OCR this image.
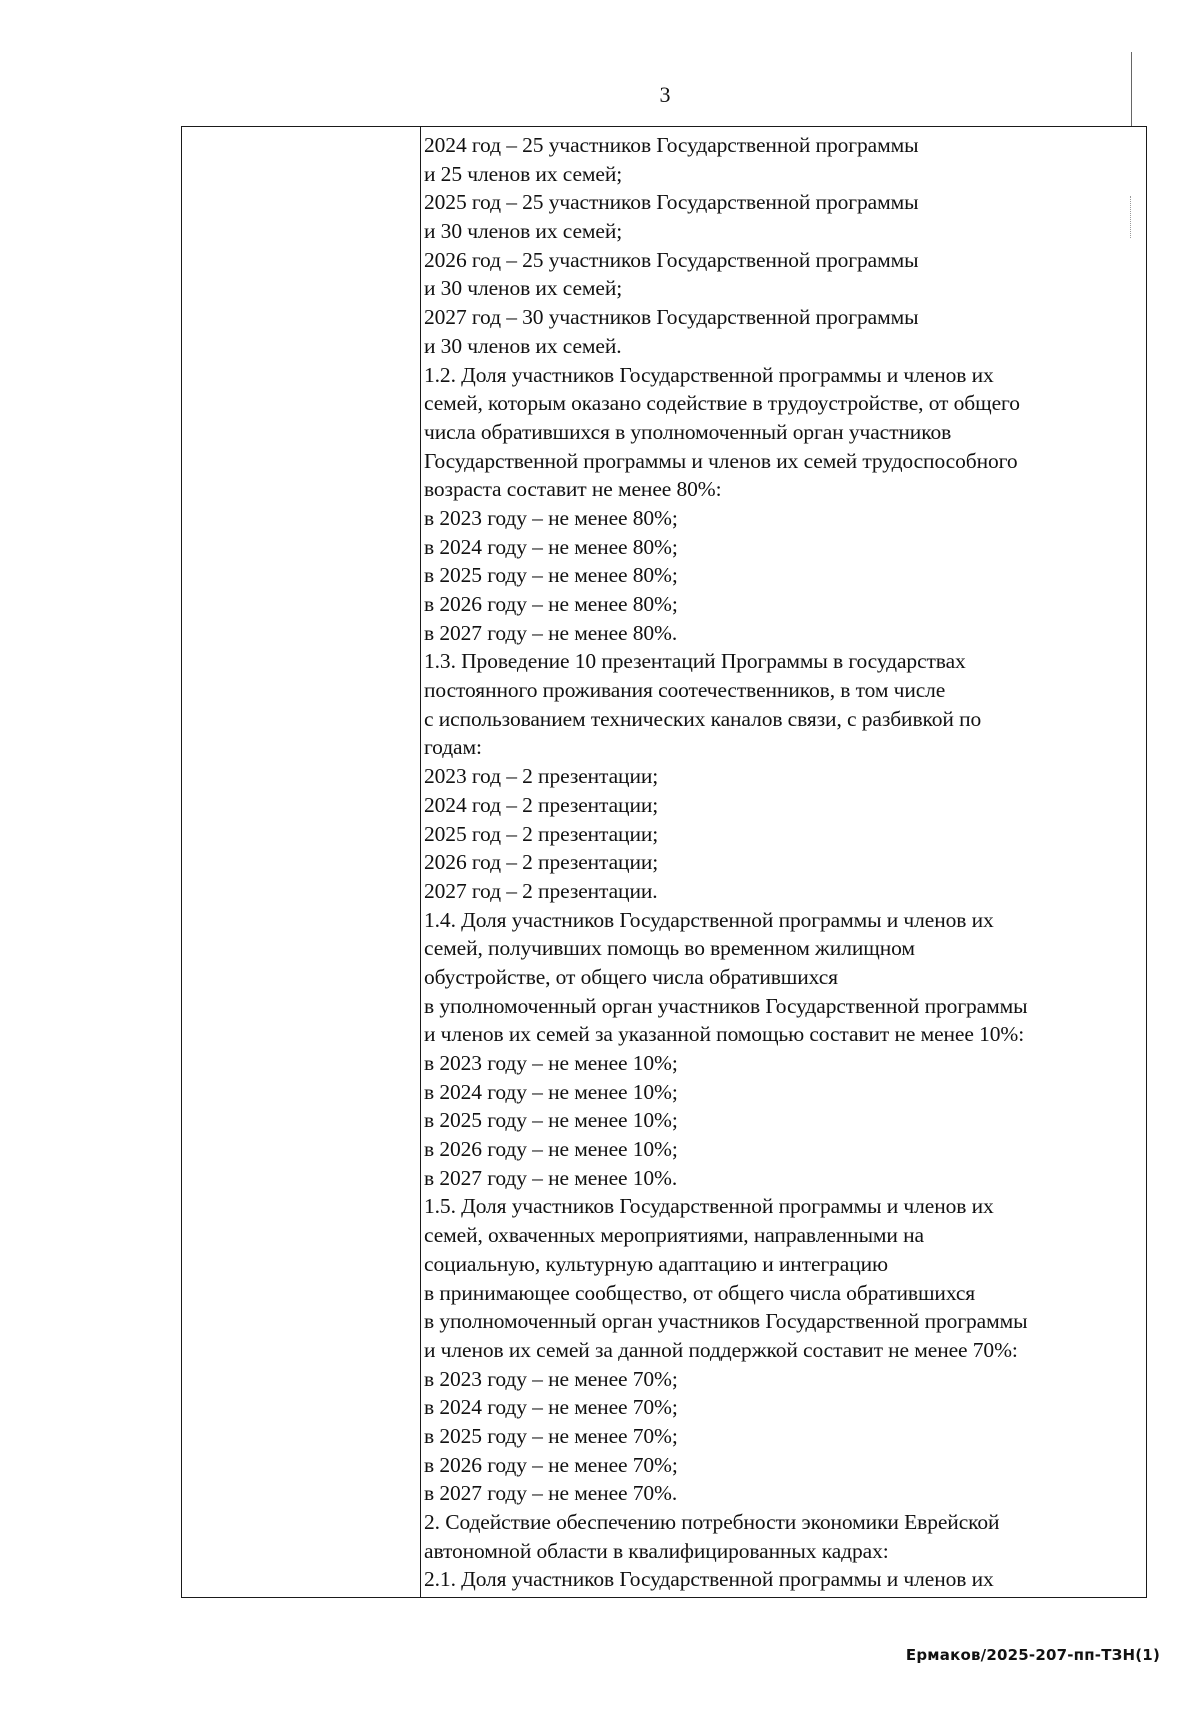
3
2024 год – 25 участников Государственной программы
и 25 членов их семей;
2025 год – 25 участников Государственной программы
и 30 членов их семей;
2026 год – 25 участников Государственной программы
и 30 членов их семей;
2027 год – 30 участников Государственной программы
и 30 членов их семей.
1.2. Доля участников Государственной программы и членов их
семей, которым оказано содействие в трудоустройстве, от общего
числа обратившихся в уполномоченный орган участников
Государственной программы и членов их семей трудоспособного
возраста составит не менее 80%:
в 2023 году – не менее 80%;
в 2024 году – не менее 80%;
в 2025 году – не менее 80%;
в 2026 году – не менее 80%;
в 2027 году – не менее 80%.
1.3. Проведение 10 презентаций Программы в государствах
постоянного проживания соотечественников, в том числе
с использованием технических каналов связи, с разбивкой по
годам:
2023 год – 2 презентации;
2024 год – 2 презентации;
2025 год – 2 презентации;
2026 год – 2 презентации;
2027 год – 2 презентации.
1.4. Доля участников Государственной программы и членов их
семей, получивших помощь во временном жилищном
обустройстве, от общего числа обратившихся
в уполномоченный орган участников Государственной программы
и членов их семей за указанной помощью составит не менее 10%:
в 2023 году – не менее 10%;
в 2024 году – не менее 10%;
в 2025 году – не менее 10%;
в 2026 году – не менее 10%;
в 2027 году – не менее 10%.
1.5. Доля участников Государственной программы и членов их
семей, охваченных мероприятиями, направленными на
социальную, культурную адаптацию и интеграцию
в принимающее сообщество, от общего числа обратившихся
в уполномоченный орган участников Государственной программы
и членов их семей за данной поддержкой составит не менее 70%:
в 2023 году – не менее 70%;
в 2024 году – не менее 70%;
в 2025 году – не менее 70%;
в 2026 году – не менее 70%;
в 2027 году – не менее 70%.
2. Содействие обеспечению потребности экономики Еврейской
автономной области в квалифицированных кадрах:
2.1. Доля участников Государственной программы и членов их
Ермаков/2025-207-пп-ТЗН(1)
